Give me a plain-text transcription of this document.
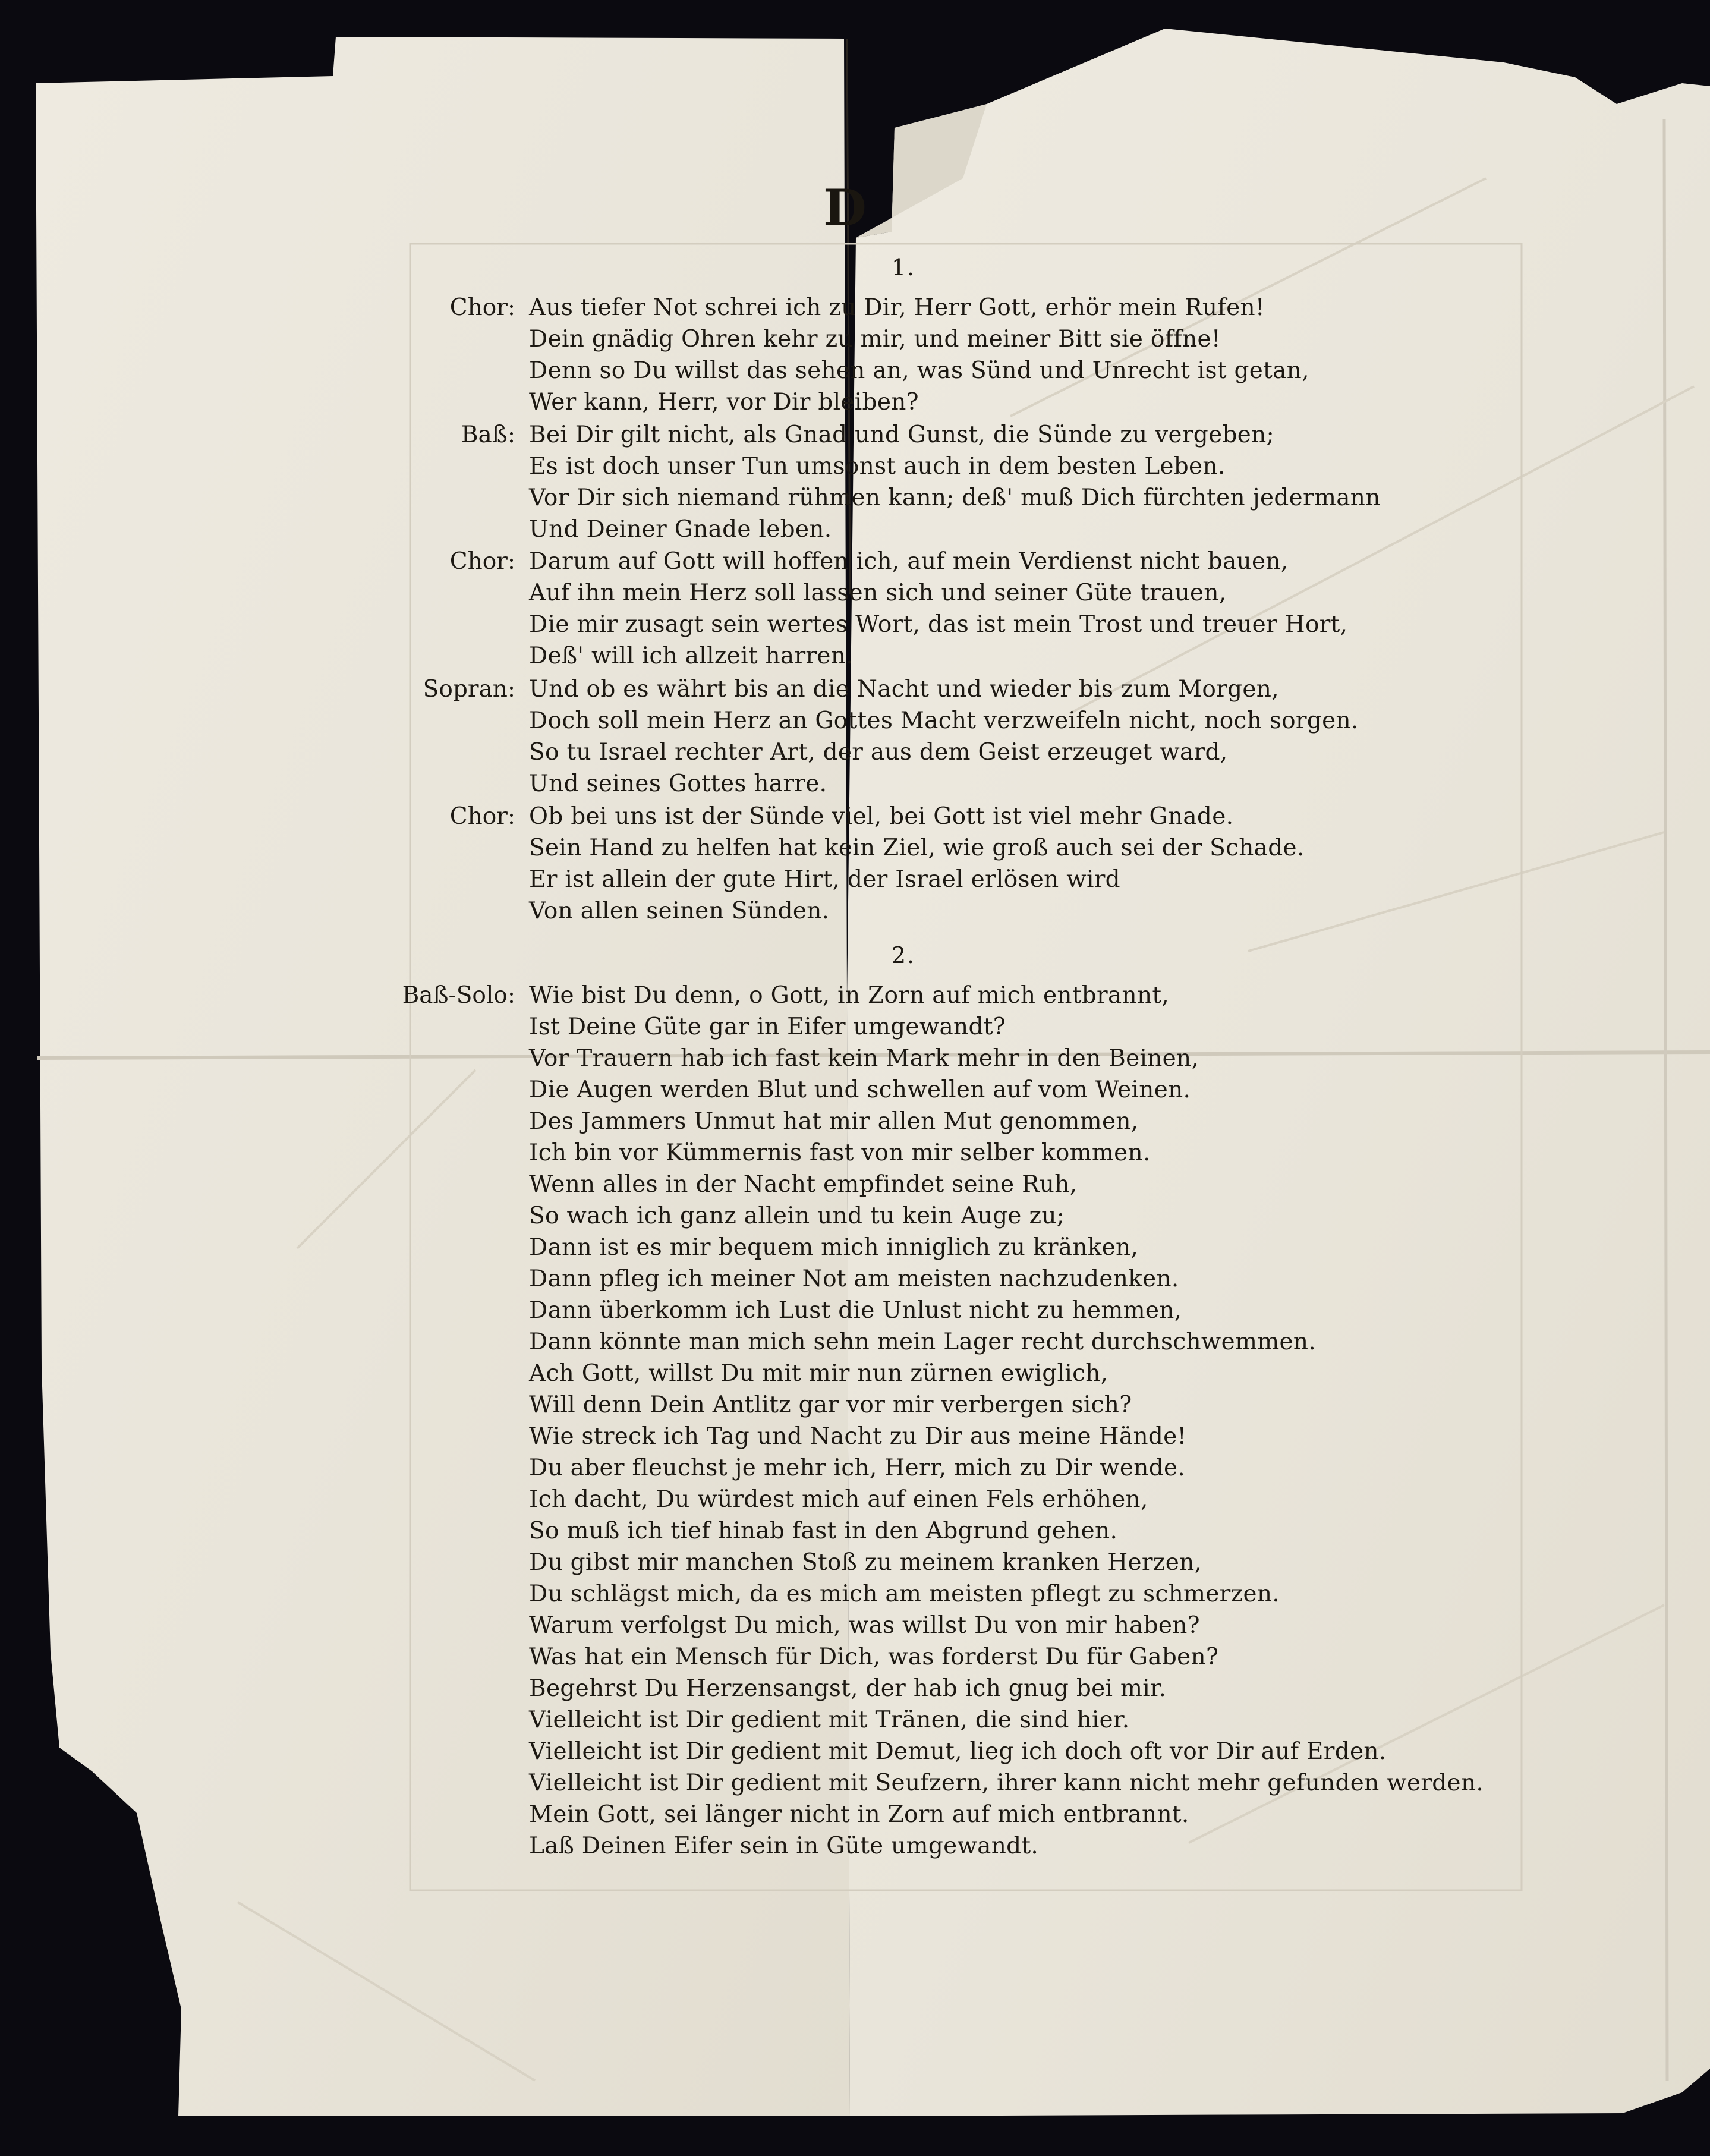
D
1.
Chor: Aus tiefer Not schrei ich zu Dir, Herr Gott, erhör mein Rufen!
Dein gnädig Ohren kehr zu mir, und meiner Bitt sie öffne!
Denn so Du willst das sehen an, was Sünd und Unrecht ist getan,
Wer kann, Herr, vor Dir bleiben?
Baß: Bei Dir gilt nicht, als Gnad und Gunst, die Sünde zu vergeben;
Es ist doch unser Tun umsonst auch in dem besten Leben.
Vor Dir sich niemand rühmen kann; deß' muß Dich fürchten jedermann
Und Deiner Gnade leben.
Chor: Darum auf Gott will hoffen ich, auf mein Verdienst nicht bauen,
Auf ihn mein Herz soll lassen sich und seiner Güte trauen,
Die mir zusagt sein wertes Wort, das ist mein Trost und treuer Hort,
Deß' will ich allzeit harren.
Sopran: Und ob es währt bis an die Nacht und wieder bis zum Morgen,
Doch soll mein Herz an Gottes Macht verzweifeln nicht, noch sorgen.
So tu Israel rechter Art, der aus dem Geist erzeuget ward,
Und seines Gottes harre.
Chor: Ob bei uns ist der Sünde viel, bei Gott ist viel mehr Gnade.
Sein Hand zu helfen hat kein Ziel, wie groß auch sei der Schade.
Er ist allein der gute Hirt, der Israel erlösen wird
Von allen seinen Sünden.
2.
Baß-Solo: Wie bist Du denn, o Gott, in Zorn auf mich entbrannt,
Ist Deine Güte gar in Eifer umgewandt?
Vor Trauern hab ich fast kein Mark mehr in den Beinen,
Die Augen werden Blut und schwellen auf vom Weinen.
Des Jammers Unmut hat mir allen Mut genommen,
Ich bin vor Kümmernis fast von mir selber kommen.
Wenn alles in der Nacht empfindet seine Ruh,
So wach ich ganz allein und tu kein Auge zu;
Dann ist es mir bequem mich inniglich zu kränken,
Dann pfleg ich meiner Not am meisten nachzudenken.
Dann überkomm ich Lust die Unlust nicht zu hemmen,
Dann könnte man mich sehn mein Lager recht durchschwemmen.
Ach Gott, willst Du mit mir nun zürnen ewiglich,
Will denn Dein Antlitz gar vor mir verbergen sich?
Wie streck ich Tag und Nacht zu Dir aus meine Hände!
Du aber fleuchst je mehr ich, Herr, mich zu Dir wende.
Ich dacht, Du würdest mich auf einen Fels erhöhen,
So muß ich tief hinab fast in den Abgrund gehen.
Du gibst mir manchen Stoß zu meinem kranken Herzen,
Du schlägst mich, da es mich am meisten pflegt zu schmerzen.
Warum verfolgst Du mich, was willst Du von mir haben?
Was hat ein Mensch für Dich, was forderst Du für Gaben?
Begehrst Du Herzensangst, der hab ich gnug bei mir.
Vielleicht ist Dir gedient mit Tränen, die sind hier.
Vielleicht ist Dir gedient mit Demut, lieg ich doch oft vor Dir auf Erden.
Vielleicht ist Dir gedient mit Seufzern, ihrer kann nicht mehr gefunden werden.
Mein Gott, sei länger nicht in Zorn auf mich entbrannt.
Laß Deinen Eifer sein in Güte umgewandt.
